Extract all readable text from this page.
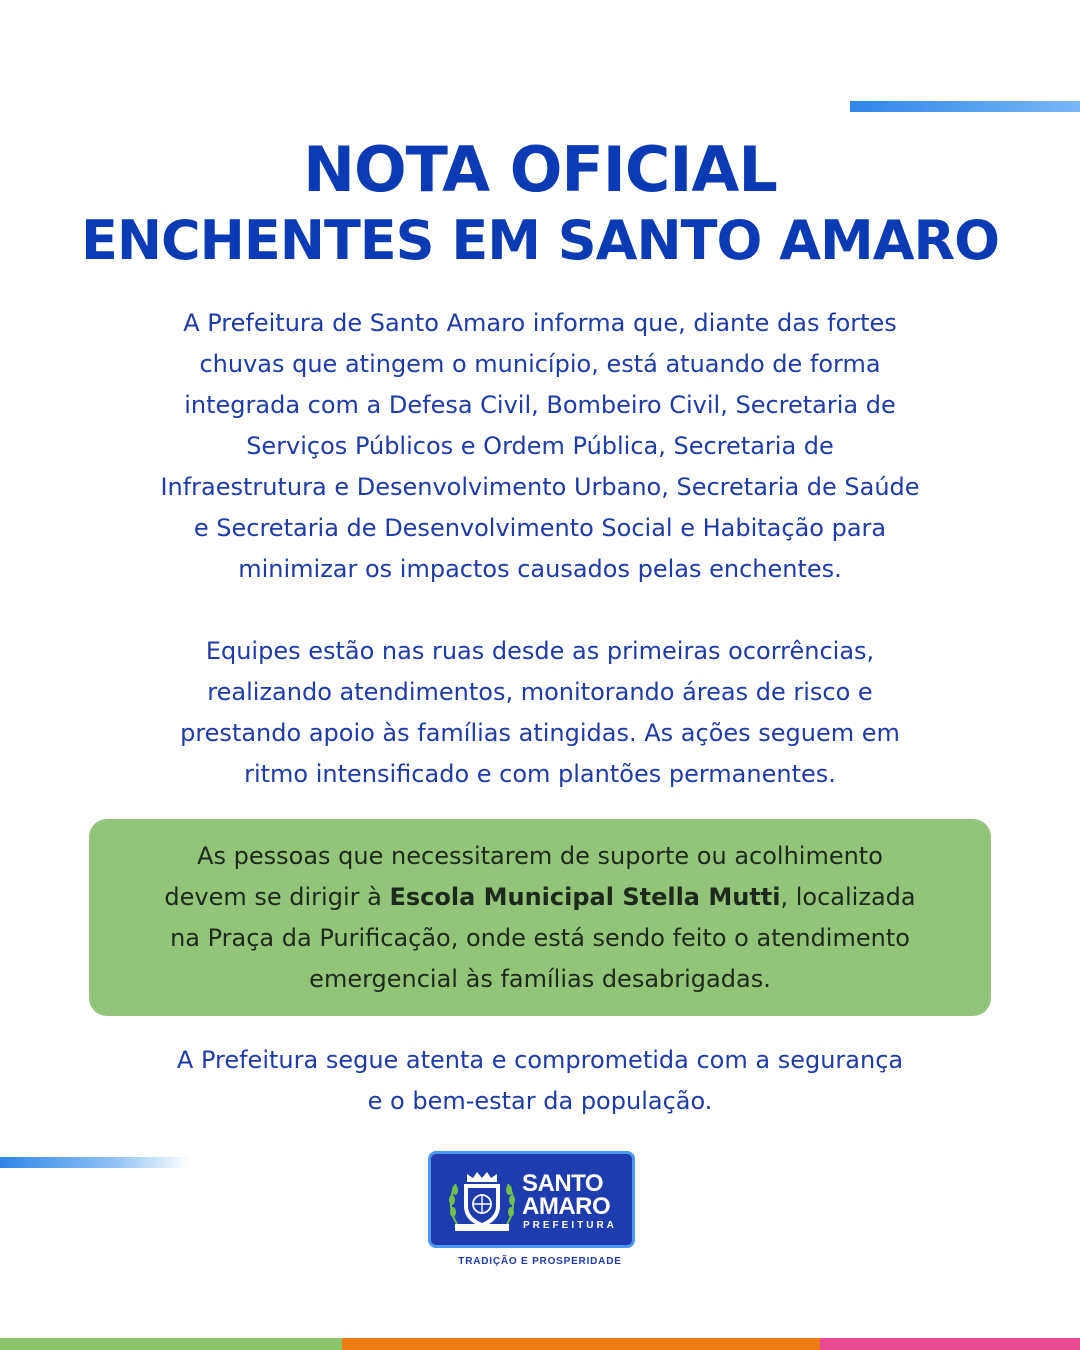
NOTA OFICIAL
ENCHENTES EM SANTO AMARO

A Prefeitura de Santo Amaro informa que, diante das fortes
chuvas que atingem o município, está atuando de forma
integrada com a Defesa Civil, Bombeiro Civil, Secretaria de
Serviços Públicos e Ordem Pública, Secretaria de
Infraestrutura e Desenvolvimento Urbano, Secretaria de Saúde
e Secretaria de Desenvolvimento Social e Habitação para
minimizar os impactos causados pelas enchentes.

Equipes estão nas ruas desde as primeiras ocorrências,
realizando atendimentos, monitorando áreas de risco e
prestando apoio às famílias atingidas. As ações seguem em
ritmo intensificado e com plantões permanentes.

As pessoas que necessitarem de suporte ou acolhimento
devem se dirigir à Escola Municipal Stella Mutti, localizada
na Praça da Purificação, onde está sendo feito o atendimento
emergencial às famílias desabrigadas.

A Prefeitura segue atenta e comprometida com a segurança
e o bem-estar da população.

SANTO
AMARO
PREFEITURA
TRADIÇÃO E PROSPERIDADE
